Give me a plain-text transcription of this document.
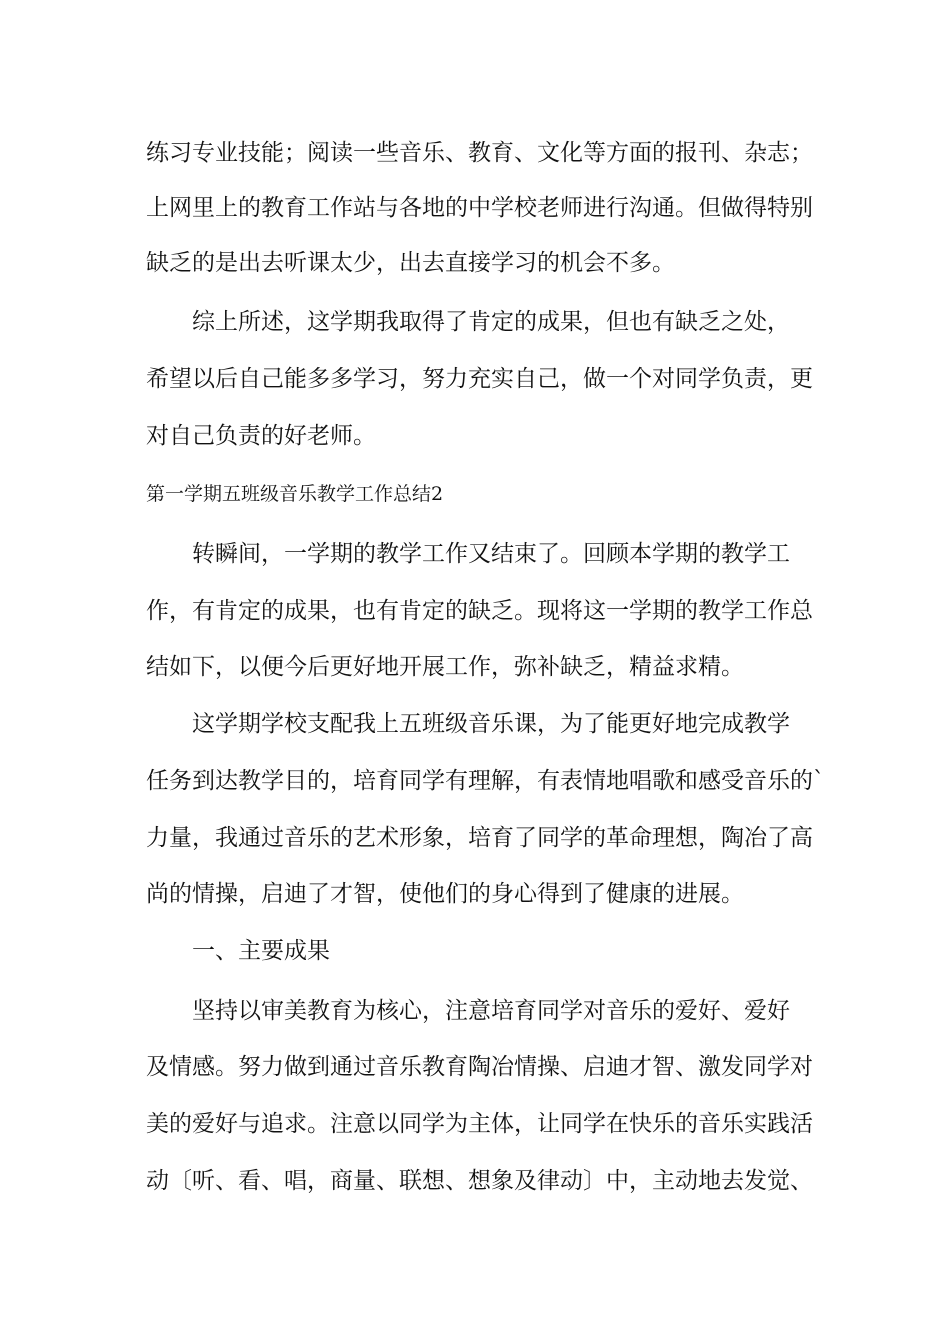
练习专业技能；阅读一些音乐、教育、文化等方面的报刊、杂志；
上网里上的教育工作站与各地的中学校老师进行沟通。但做得特别
缺乏的是出去听课太少，出去直接学习的机会不多。
　　综上所述，这学期我取得了肯定的成果，但也有缺乏之处，
希望以后自己能多多学习，努力充实自己，做一个对同学负责，更
对自己负责的好老师。
第一学期五班级音乐教学工作总结2
　　转瞬间，一学期的教学工作又结束了。回顾本学期的教学工
作，有肯定的成果，也有肯定的缺乏。现将这一学期的教学工作总
结如下，以便今后更好地开展工作，弥补缺乏，精益求精。
　　这学期学校支配我上五班级音乐课，为了能更好地完成教学
任务到达教学目的，培育同学有理解，有表情地唱歌和感受音乐的`
力量，我通过音乐的艺术形象，培育了同学的革命理想，陶冶了高
尚的情操，启迪了才智，使他们的身心得到了健康的进展。
　　一、主要成果
　　坚持以审美教育为核心，注意培育同学对音乐的爱好、爱好
及情感。努力做到通过音乐教育陶冶情操、启迪才智、激发同学对
美的爱好与追求。注意以同学为主体，让同学在快乐的音乐实践活
动〔听、看、唱，商量、联想、想象及律动〕中，主动地去发觉、
